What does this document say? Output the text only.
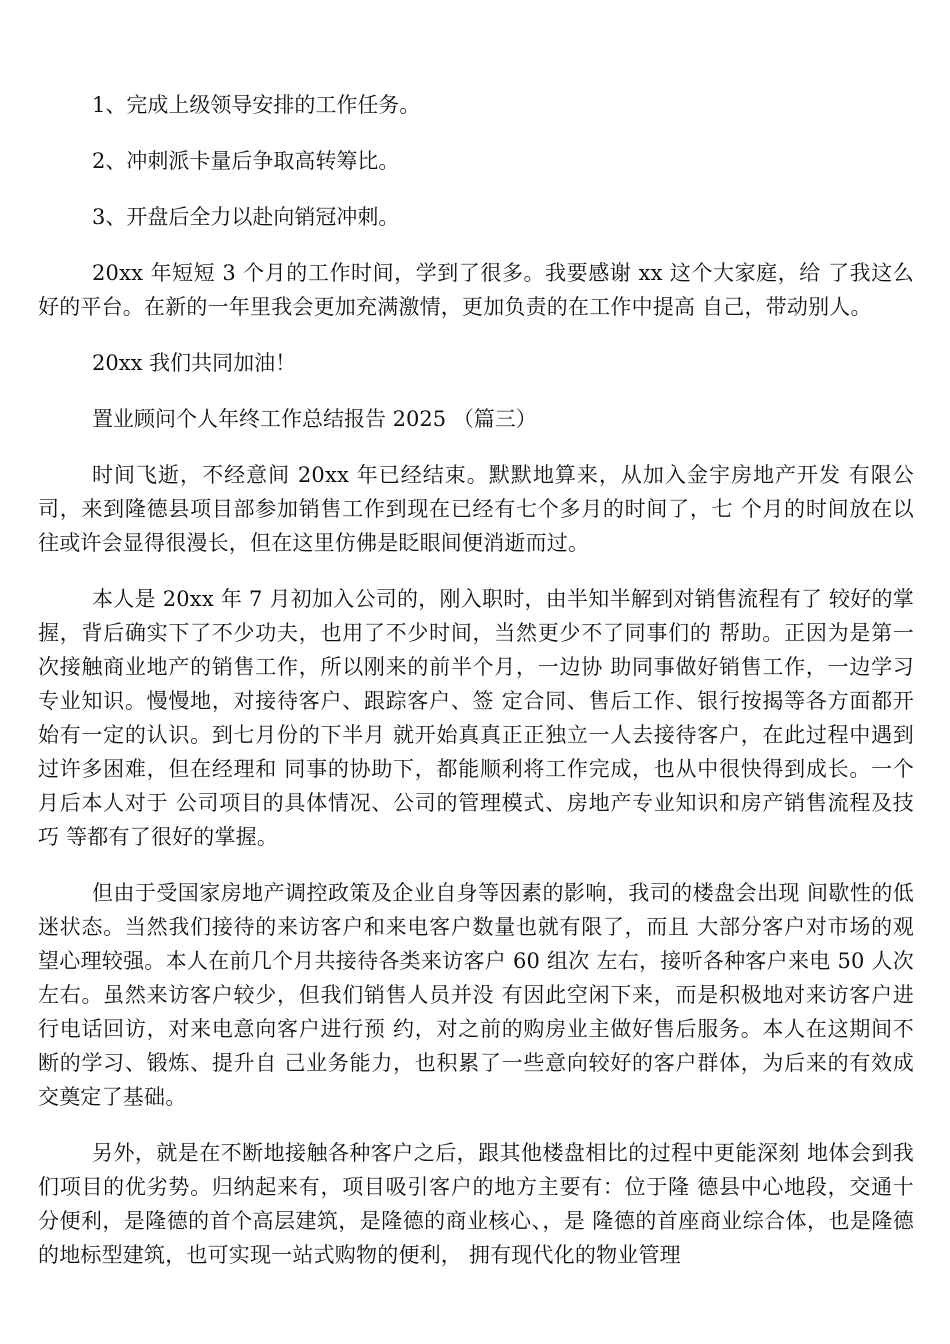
1、完成上级领导安排的工作任务。
2、冲刺派卡量后争取高转筹比。
3、开盘后全力以赴向销冠冲刺。

20xx 年短短 3 个月的工作时间，学到了很多。我要感谢 xx 这个大家庭，给 了我这么好的平台。在新的一年里我会更加充满激情，更加负责的在工作中提高 自己，带动别人。

20xx 我们共同加油！
置业顾问个人年终工作总结报告 2025 （篇三）

时间飞逝，不经意间 20xx 年已经结束。默默地算来，从加入金宇房地产开发 有限公司，来到隆德县项目部参加销售工作到现在已经有七个多月的时间了，七 个月的时间放在以往或许会显得很漫长，但在这里仿佛是眨眼间便消逝而过。

本人是 20xx 年 7 月初加入公司的，刚入职时，由半知半解到对销售流程有了 较好的掌握，背后确实下了不少功夫，也用了不少时间，当然更少不了同事们的 帮助。正因为是第一次接触商业地产的销售工作，所以刚来的前半个月，一边协 助同事做好销售工作，一边学习专业知识。慢慢地，对接待客户、跟踪客户、签 定合同、售后工作、银行按揭等各方面都开始有一定的认识。到七月份的下半月 就开始真真正正独立一人去接待客户，在此过程中遇到过许多困难，但在经理和 同事的协助下，都能顺利将工作完成，也从中很快得到成长。一个月后本人对于 公司项目的具体情况、公司的管理模式、房地产专业知识和房产销售流程及技巧 等都有了很好的掌握。

但由于受国家房地产调控政策及企业自身等因素的影响，我司的楼盘会出现 间歇性的低迷状态。当然我们接待的来访客户和来电客户数量也就有限了，而且 大部分客户对市场的观望心理较强。本人在前几个月共接待各类来访客户 60 组次 左右，接听各种客户来电 50 人次左右。虽然来访客户较少，但我们销售人员并没 有因此空闲下来，而是积极地对来访客户进行电话回访，对来电意向客户进行预 约，对之前的购房业主做好售后服务。本人在这期间不断的学习、锻炼、提升自 己业务能力，也积累了一些意向较好的客户群体，为后来的有效成交奠定了基础。

另外，就是在不断地接触各种客户之后，跟其他楼盘相比的过程中更能深刻 地体会到我们项目的优劣势。归纳起来有，项目吸引客户的地方主要有：位于隆 德县中心地段，交通十分便利，是隆德的首个高层建筑，是隆德的商业核心、，是 隆德的首座商业综合体，也是隆德的地标型建筑，也可实现一站式购物的便利， 拥有现代化的物业管理
